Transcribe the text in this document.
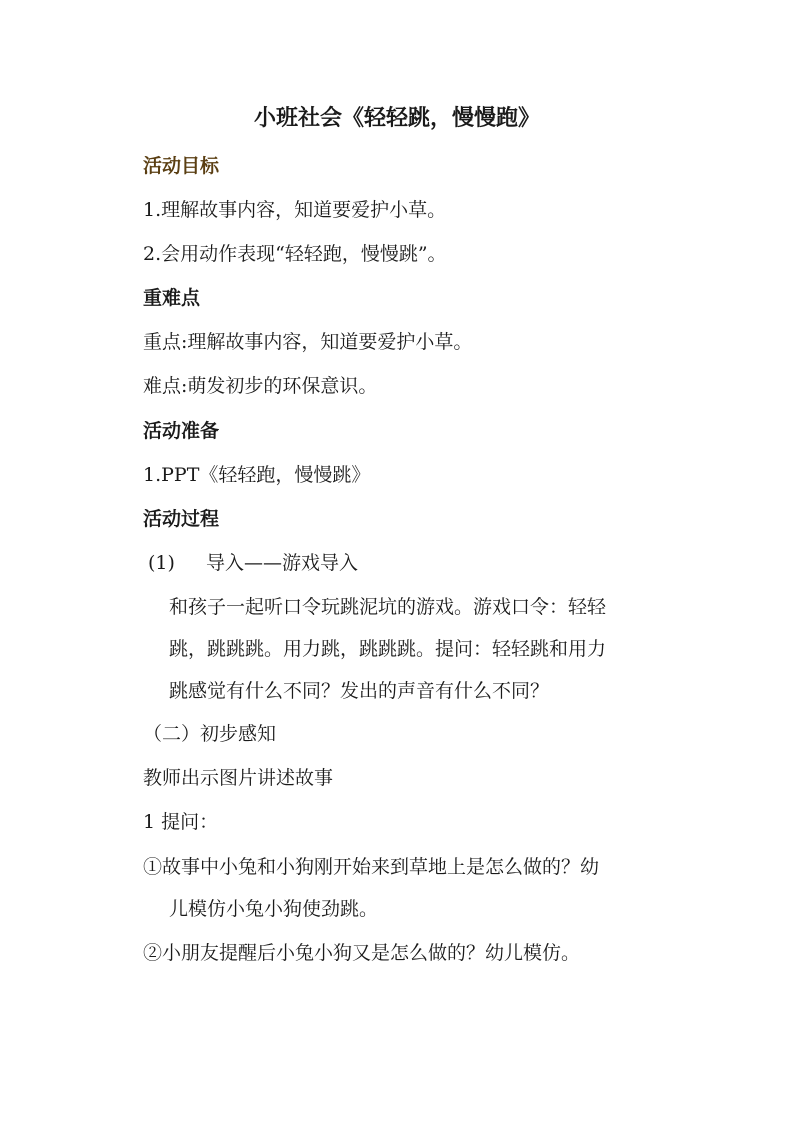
小班社会《轻轻跳，慢慢跑》
活动目标
1.理解故事内容，知道要爱护小草。
2.会用动作表现“轻轻跑，慢慢跳”。
重难点
重点:理解故事内容，知道要爱护小草。
难点:萌发初步的环保意识。
活动准备
1.PPT《轻轻跑，慢慢跳》
活动过程
(1) 导入——游戏导入
和孩子一起听口令玩跳泥坑的游戏。游戏口令：轻轻
跳，跳跳跳。用力跳，跳跳跳。提问：轻轻跳和用力
跳感觉有什么不同？发出的声音有什么不同？
（二）初步感知
教师出示图片讲述故事
1 提问：
①故事中小兔和小狗刚开始来到草地上是怎么做的？幼
儿模仿小兔小狗使劲跳。
②小朋友提醒后小兔小狗又是怎么做的？幼儿模仿。
